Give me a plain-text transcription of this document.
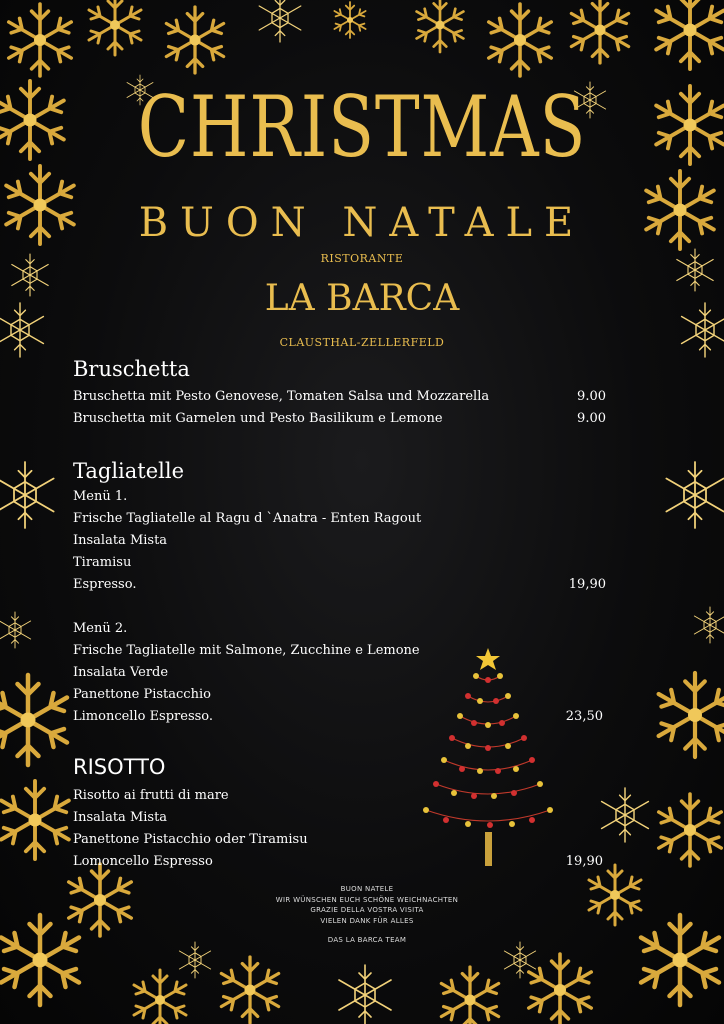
CHRISTMAS
BUON NATALE
RISTORANTE
LA BARCA
CLAUSTHAL-ZELLERFELD
Bruschetta
Bruschetta mit Pesto Genovese, Tomaten Salsa und Mozzarella	9.00
Bruschetta mit Garnelen und Pesto Basilikum e Lemone	9.00
Tagliatelle
Menü 1.
Frische Tagliatelle al Ragu d `Anatra - Enten Ragout
Insalata Mista
Tiramisu
Espresso.	19,90
Menü 2.
Frische Tagliatelle mit Salmone, Zucchine e Lemone
Insalata Verde
Panettone Pistacchio
Limoncello Espresso.	23,50
RISOTTO
Risotto ai frutti di mare
Insalata Mista
Panettone Pistacchio oder Tiramisu
Lomoncello Espresso	19,90
BUON NATELE
WIR WÜNSCHEN EUCH SCHÖNE WEICHNACHTEN
GRAZIE DELLA VOSTRA VISITA
VIELEN DANK FÜR ALLES
DAS LA BARCA TEAM
